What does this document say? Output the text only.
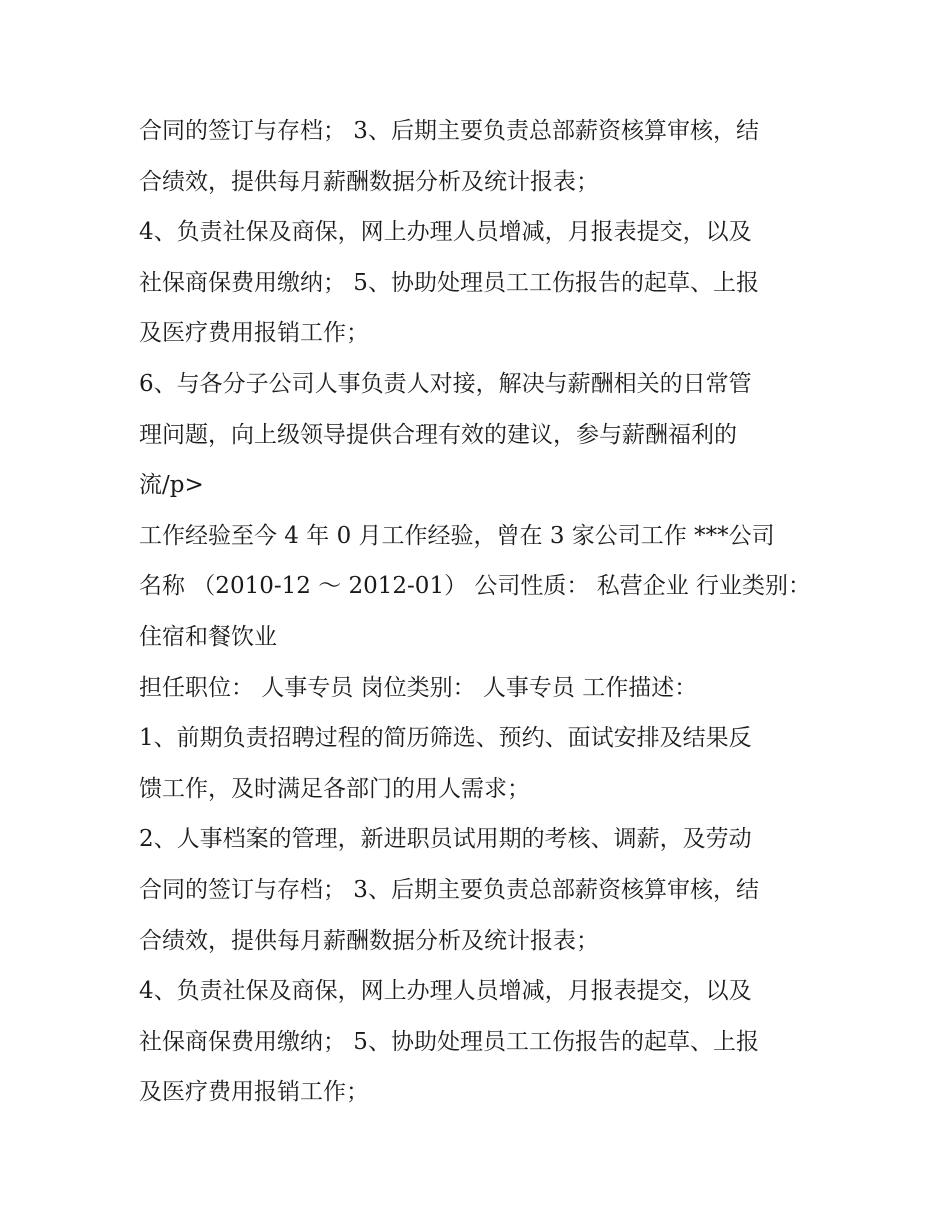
合同的签订与存档； 3、后期主要负责总部薪资核算审核，结
合绩效，提供每月薪酬数据分析及统计报表；
4、负责社保及商保，网上办理人员增减，月报表提交，以及
社保商保费用缴纳； 5、协助处理员工工伤报告的起草、上报
及医疗费用报销工作；
6、与各分子公司人事负责人对接，解决与薪酬相关的日常管
理问题，向上级领导提供合理有效的建议，参与薪酬福利的
流/p>
工作经验至今 4 年 0 月工作经验，曾在 3 家公司工作 ***公司
名称 （2010-12 ～ 2012-01） 公司性质： 私营企业 行业类别：
住宿和餐饮业
担任职位： 人事专员 岗位类别： 人事专员 工作描述：
1、前期负责招聘过程的简历筛选、预约、面试安排及结果反
馈工作，及时满足各部门的用人需求；
2、人事档案的管理，新进职员试用期的考核、调薪，及劳动
合同的签订与存档； 3、后期主要负责总部薪资核算审核，结
合绩效，提供每月薪酬数据分析及统计报表；
4、负责社保及商保，网上办理人员增减，月报表提交，以及
社保商保费用缴纳； 5、协助处理员工工伤报告的起草、上报
及医疗费用报销工作；
